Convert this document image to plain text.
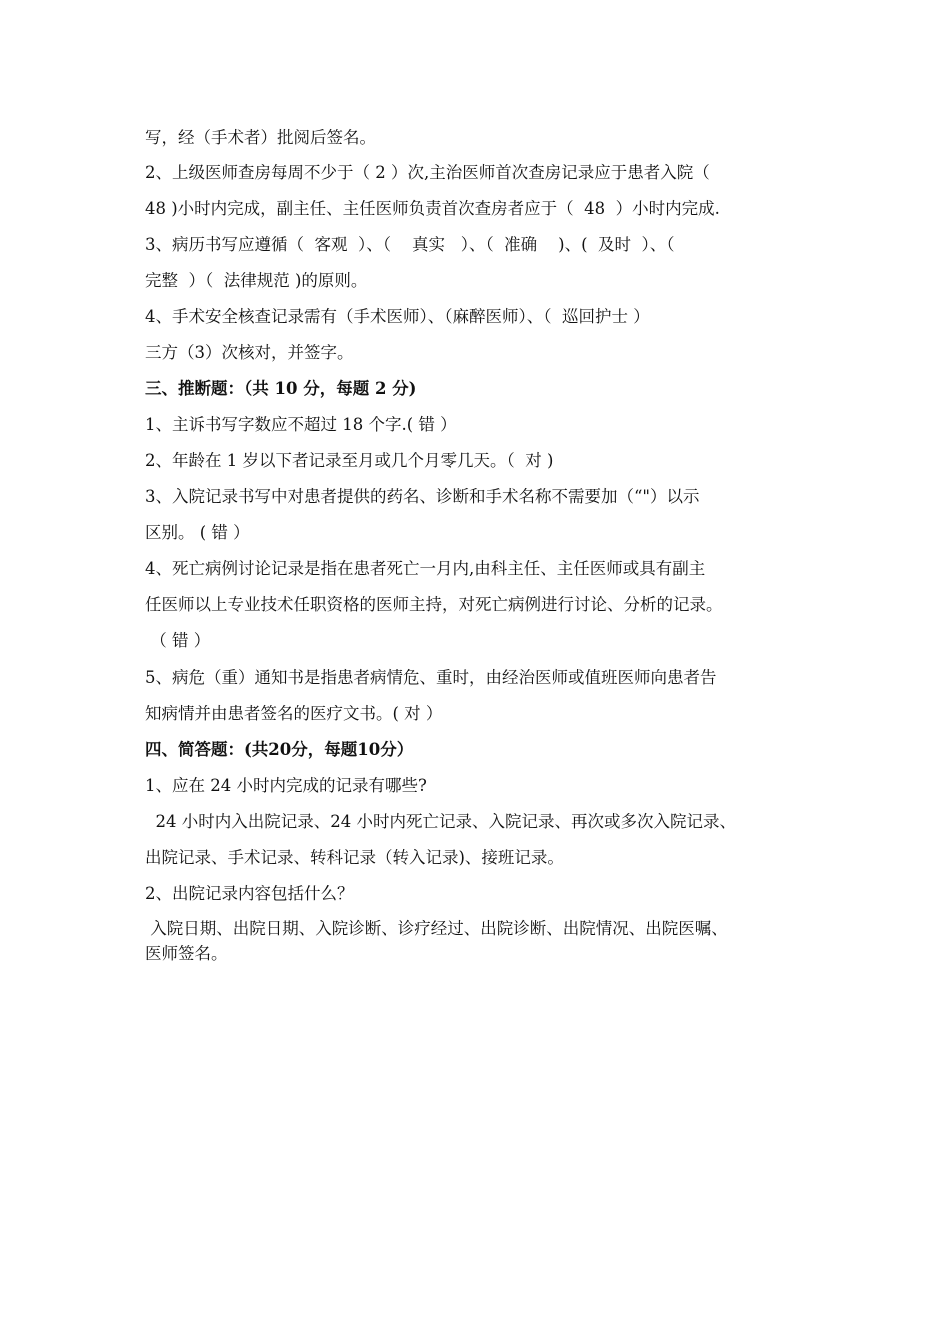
写，经（手术者）批阅后签名。
2、上级医师查房每周不少于（ 2 ）次,主治医师首次查房记录应于患者入院（
48 )小时内完成，副主任、主任医师负责首次查房者应于（  48  ）小时内完成.
3、病历书写应遵循（  客观  ）、（    真实   ）、（  准确    )、(  及时  ）、（
完整  ）（  法律规范 )的原则。
4、手术安全核查记录需有（手术医师）、（麻醉医师）、（  巡回护士 ）
三方（3）次核对，并签字。
三、推断题：（共 10 分，每题 2 分)
1、主诉书写字数应不超过 18 个字.( 错 ）
2、年龄在 1 岁以下者记录至月或几个月零几天。（  对 )
3、入院记录书写中对患者提供的药名、诊断和手术名称不需要加（“"）以示
区别。 ( 错 ）
4、死亡病例讨论记录是指在患者死亡一月内,由科主任、主任医师或具有副主
任医师以上专业技术任职资格的医师主持，对死亡病例进行讨论、分析的记录。
（ 错 ）
5、病危（重）通知书是指患者病情危、重时，由经治医师或值班医师向患者告
知病情并由患者签名的医疗文书。( 对 ）
四、简答题：(共20分，每题10分）
1、应在 24 小时内完成的记录有哪些?
24 小时内入出院记录、24 小时内死亡记录、入院记录、再次或多次入院记录、
出院记录、手术记录、转科记录（转入记录)、接班记录。
2、出院记录内容包括什么？
入院日期、出院日期、入院诊断、诊疗经过、出院诊断、出院情况、出院医嘱、
医师签名。
